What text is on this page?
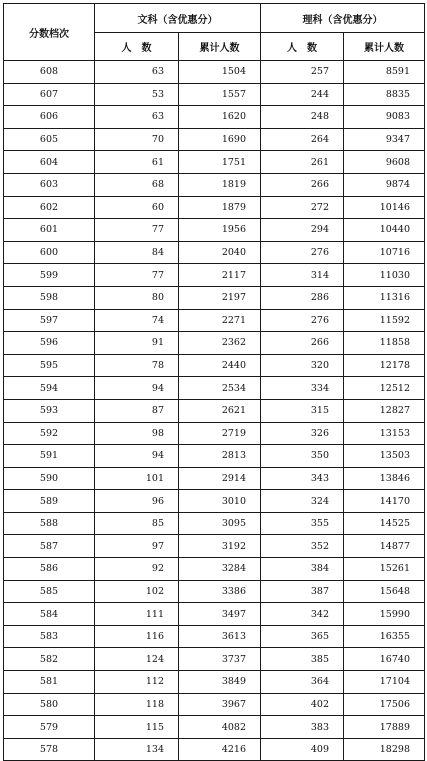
分数档次	文科（含优惠分）		理科（含优惠分）	
	人　数	累计人数	人　数	累计人数
608	63	1504	257	8591
607	53	1557	244	8835
606	63	1620	248	9083
605	70	1690	264	9347
604	61	1751	261	9608
603	68	1819	266	9874
602	60	1879	272	10146
601	77	1956	294	10440
600	84	2040	276	10716
599	77	2117	314	11030
598	80	2197	286	11316
597	74	2271	276	11592
596	91	2362	266	11858
595	78	2440	320	12178
594	94	2534	334	12512
593	87	2621	315	12827
592	98	2719	326	13153
591	94	2813	350	13503
590	101	2914	343	13846
589	96	3010	324	14170
588	85	3095	355	14525
587	97	3192	352	14877
586	92	3284	384	15261
585	102	3386	387	15648
584	111	3497	342	15990
583	116	3613	365	16355
582	124	3737	385	16740
581	112	3849	364	17104
580	118	3967	402	17506
579	115	4082	383	17889
578	134	4216	409	18298
